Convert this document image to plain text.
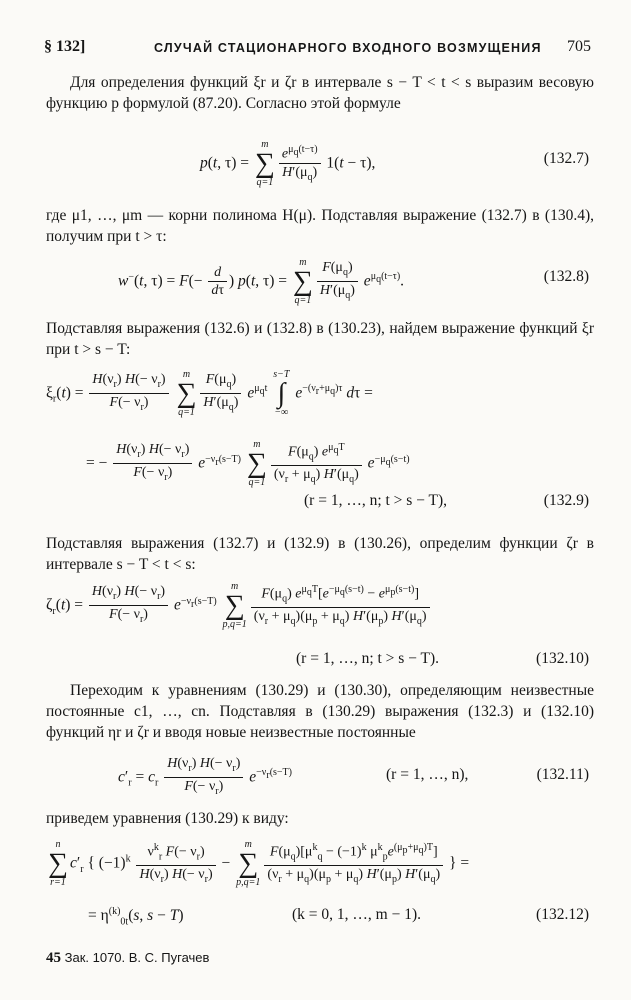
§ 132]	СЛУЧАЙ СТАЦИОНАРНОГО ВХОДНОГО ВОЗМУЩЕНИЯ 705
Для определения функций ξr и ζr в интервале s − T < t < s выразим весовую функцию p формулой (87.20). Согласно этой формуле
p(t, τ) =
m
∑
$q=1 \frac{e^{\mu_q(t-\tau)}}{H'(\mu_q)} 1(t - \tau)$,	(132.7)
где μ1, …, μm — корни полинома H(μ). Подставляя выражение (132.7) в (130.4), получим при t > τ:
w−(t, $\tau) = F(- \frac{d}{d\tau}$ ) p(t, τ) =
m
∑
$q=1 \frac{F(\mu_q)}{H'(\mu_q)} e^{\mu_q(t-\tau)}$.	(132.8)
Подставляя выражения (132.6) и (132.8) в (130.23), найдем выражение функций ξr при t > s − T:
$\xi_r(t) = \frac{H(\nu_r) H(- \nu_r)}{F(- \nu_r)}$
	m
∑
$q=1 \frac{F(\mu_q)}{H'(\mu_q)} e^{\mu_qt}$
s−T
∫
−∞
$e^{-(\nu_r+\mu_q)\tau}$ dτ =
= − $\frac{H(\nu_r) H(- \nu_r)}{F(- \nu_r)} e^{-\nu_r(s-T)}$
m
∑
$q=1 \frac{F(\mu_q) e^{\mu_qT}}{(\nu_r + \mu_q) H'(\mu_q)} e^{-\mu_q(s-t)}$
(r = 1, …, n; t > s − T),	(132.9)
Подставляя выражения (132.7) и (132.9) в (130.26), определим функции ζr в интервале s − T < t < s:
$\zeta_r(t) = \frac{H(\nu_r) H(- \nu_r)}{F(- \nu_r)} e^{-\nu_r(s-T)}$
m
∑
$p,q=1 \frac{F(\mu_q) e^{\mu_qT}[e^{-\mu_q(s-t)} - e^{\mu_p(s-t)}]}{(\nu_r + \mu_q)(\mu_p + \mu_q) H'(\mu_p) H'(\mu_q)}$
(r = 1, …, n; t > s − T).	(132.10)
Переходим к уравнениям (130.29) и (130.30), определяющим неизвестные постоянные c1, …, cn. Подставляя в (130.29) выражения (132.3) и (132.10) функций ηr и ζr и вводя новые неизвестные постоянные
$c'_r = c_r \frac{H(\nu_r) H(- \nu_r)}{F(- \nu_r)} e^{-\nu_r(s-T)}$	(r = 1, …, n),	(132.11)
приведем уравнения (130.29) к виду:
n
∑
r=1
$c'_r$ { $(-1)^k \frac{\nu^k_r F(- \nu_r)}{H(\nu_r) H(- \nu_r)}$ −
m
∑
$p,q=1 \frac{F(\mu_q)[\mu^k_q - (-1)^k \mu^k_pe^{(\mu_p+\mu_q)T}]}{(\nu_r + \mu_q)(\mu_p + \mu_q) H'(\mu_p) H'(\mu_q)}$ } =
= $\eta^{(k)}_{0t}(s$, s − T)	(k = 0, 1, …, m − 1).	(132.12)
45 Зак. 1070. В. С. Пугачев
